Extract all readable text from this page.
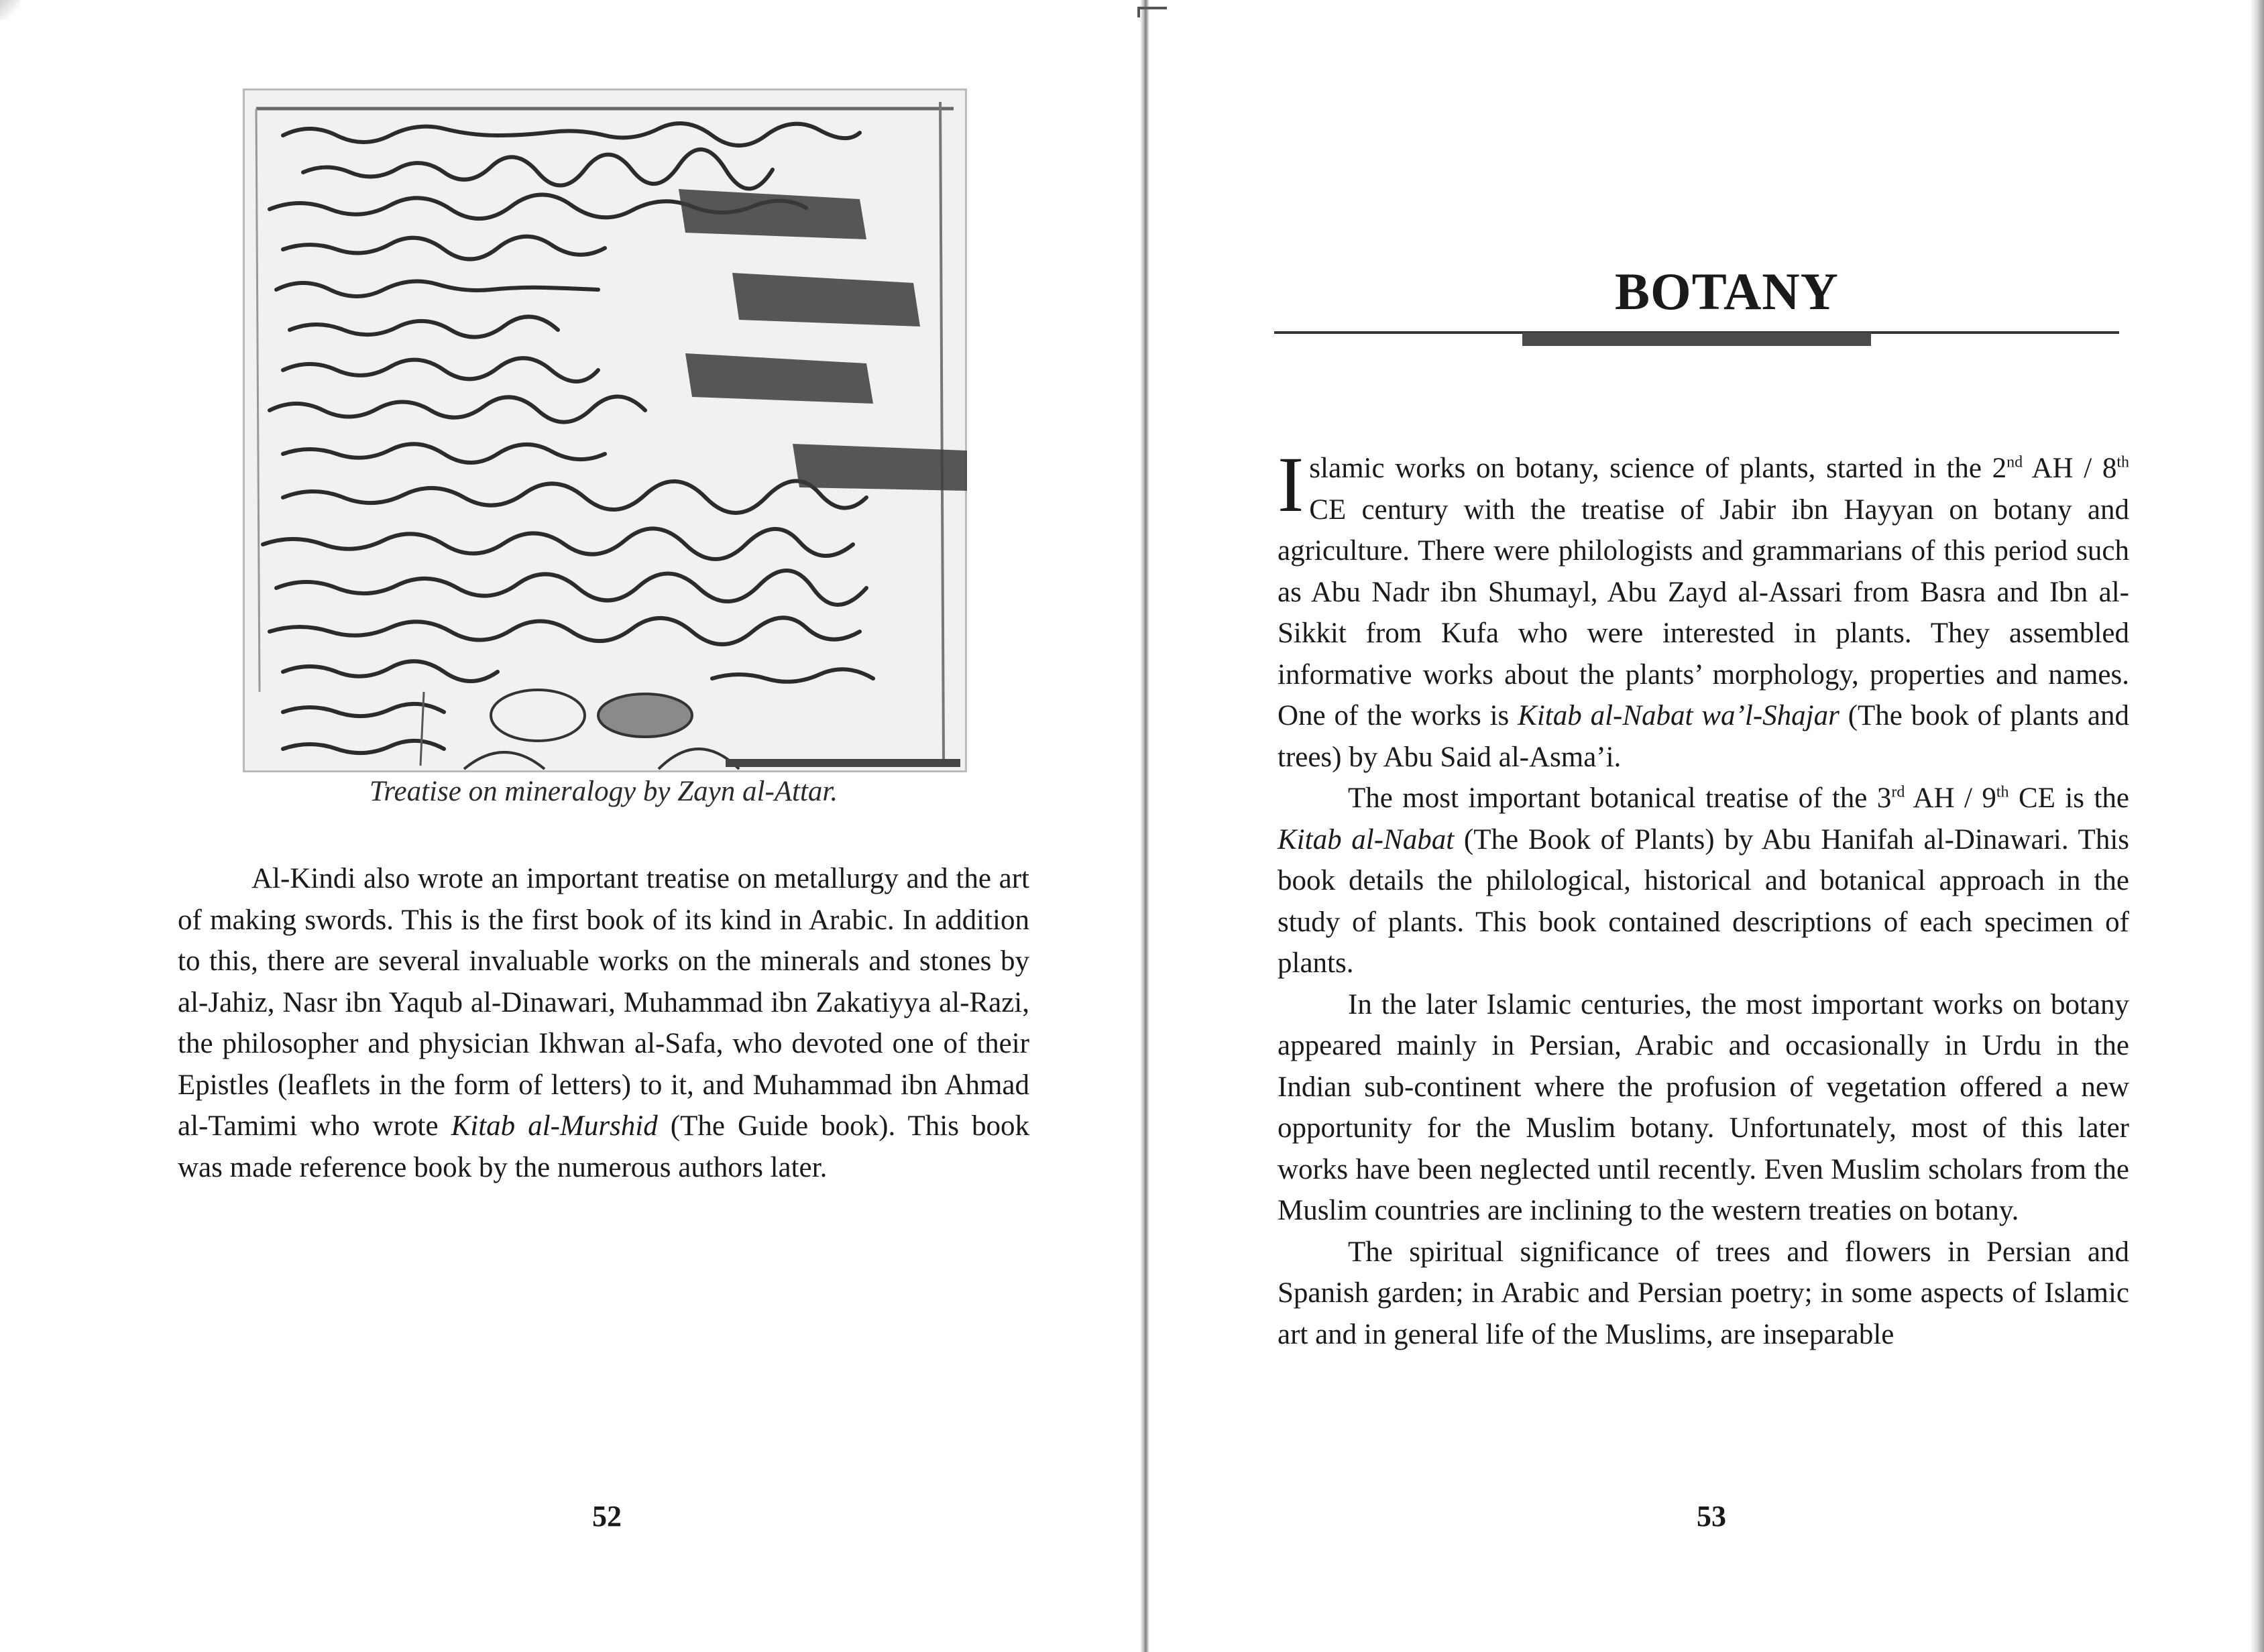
Treatise on mineralogy by Zayn al-Attar.

Al-Kindi also wrote an important treatise on metallurgy and the art of making swords. This is the first book of its kind in Arabic. In addition to this, there are several invaluable works on the minerals and stones by al-Jahiz, Nasr ibn Yaqub al-Dinawari, Muhammad ibn Zakatiyya al-Razi, the philosopher and physician Ikhwan al-Safa, who devoted one of their Epistles (leaflets in the form of letters) to it, and Muhammad ibn Ahmad al-Tamimi who wrote Kitab al-Murshid (The Guide book). This book was made reference book by the numerous authors later.

52
BOTANY

Islamic works on botany, science of plants, started in the 2nd AH / 8th CE century with the treatise of Jabir ibn Hayyan on botany and agriculture. There were philologists and grammarians of this period such as Abu Nadr ibn Shumayl, Abu Zayd al-Assari from Basra and Ibn al-Sikkit from Kufa who were interested in plants. They assembled informative works about the plants’ morphology, properties and names. One of the works is Kitab al-Nabat wa’l-Shajar (The book of plants and trees) by Abu Said al-Asma’i.

The most important botanical treatise of the 3rd AH / 9th CE is the Kitab al-Nabat (The Book of Plants) by Abu Hanifah al-Dinawari. This book details the philological, historical and botanical approach in the study of plants. This book contained descriptions of each specimen of plants.

In the later Islamic centuries, the most important works on botany appeared mainly in Persian, Arabic and occasionally in Urdu in the Indian sub-continent where the profusion of vegetation offered a new opportunity for the Muslim botany. Unfortunately, most of this later works have been neglected until recently. Even Muslim scholars from the Muslim countries are inclining to the western treaties on botany.

The spiritual significance of trees and flowers in Persian and Spanish garden; in Arabic and Persian poetry; in some aspects of Islamic art and in general life of the Muslims, are inseparable

53
